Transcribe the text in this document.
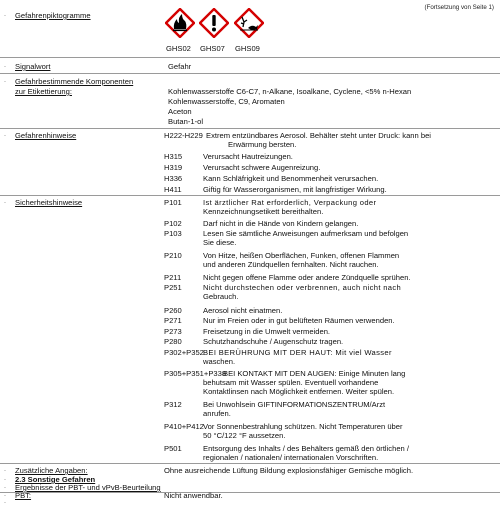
(Fortsetzung von Seite 1)
· Gefahrenpiktogramme
GHS02 GHS07 GHS09
· Signalwort	Gefahr
· Gefahrbestimmende Komponenten
zur Etikettierung:	Kohlenwasserstoffe C6-C7, n-Alkane, Isoalkane, Cyclene, <5% n-Hexan
Kohlenwasserstoffe, C9, Aromaten
Aceton
Butan-1-ol
· Gefahrenhinweise	H222-H229 Extrem entzündbares Aerosol. Behälter steht unter Druck: kann bei
Erwärmung bersten.
H315	Verursacht Hautreizungen.
H319	Verursacht schwere Augenreizung.
H336	Kann Schläfrigkeit und Benommenheit verursachen.
H411	Giftig für Wasserorganismen, mit langfristiger Wirkung.
· Sicherheitshinweise	P101	Ist ärztlicher Rat erforderlich, Verpackung oder
Kennzeichnungsetikett bereithalten.
P102	Darf nicht in die Hände von Kindern gelangen.
P103	Lesen Sie sämtliche Anweisungen aufmerksam und befolgen
Sie diese.
P210	Von Hitze, heißen Oberflächen, Funken, offenen Flammen
und anderen Zündquellen fernhalten. Nicht rauchen.
P211	Nicht gegen offene Flamme oder andere Zündquelle sprühen.
P251	Nicht durchstechen oder verbrennen, auch nicht nach
Gebrauch.
P260	Aerosol nicht einatmen.
P271	Nur im Freien oder in gut belüfteten Räumen verwenden.
P273	Freisetzung in die Umwelt vermeiden.
P280	Schutzhandschuhe / Augenschutz tragen.
P302+P352 BEI BERÜHRUNG MIT DER HAUT: Mit viel Wasser
waschen.
P305+P351+P338
BEI KONTAKT MIT DEN AUGEN: Einige Minuten lang
behutsam mit Wasser spülen. Eventuell vorhandene
Kontaktlinsen nach Möglichkeit entfernen. Weiter spülen.
P312	Bei Unwohlsein GIFTINFORMATIONSZENTRUM/Arzt
anrufen.
P410+P412 Vor Sonnenbestrahlung schützen. Nicht Temperaturen über
50 °C/122 °F aussetzen.
P501	Entsorgung des Inhalts / des Behälters gemäß den örtlichen /
regionalen / nationalen/ internationalen Vorschriften.
· Zusätzliche Angaben:	Ohne ausreichende Lüftung Bildung explosionsfähiger Gemische möglich.
· 2.3 Sonstige Gefahren
· Ergebnisse der PBT- und vPvB-Beurteilung
· PBT:	Nicht anwendbar.
·
